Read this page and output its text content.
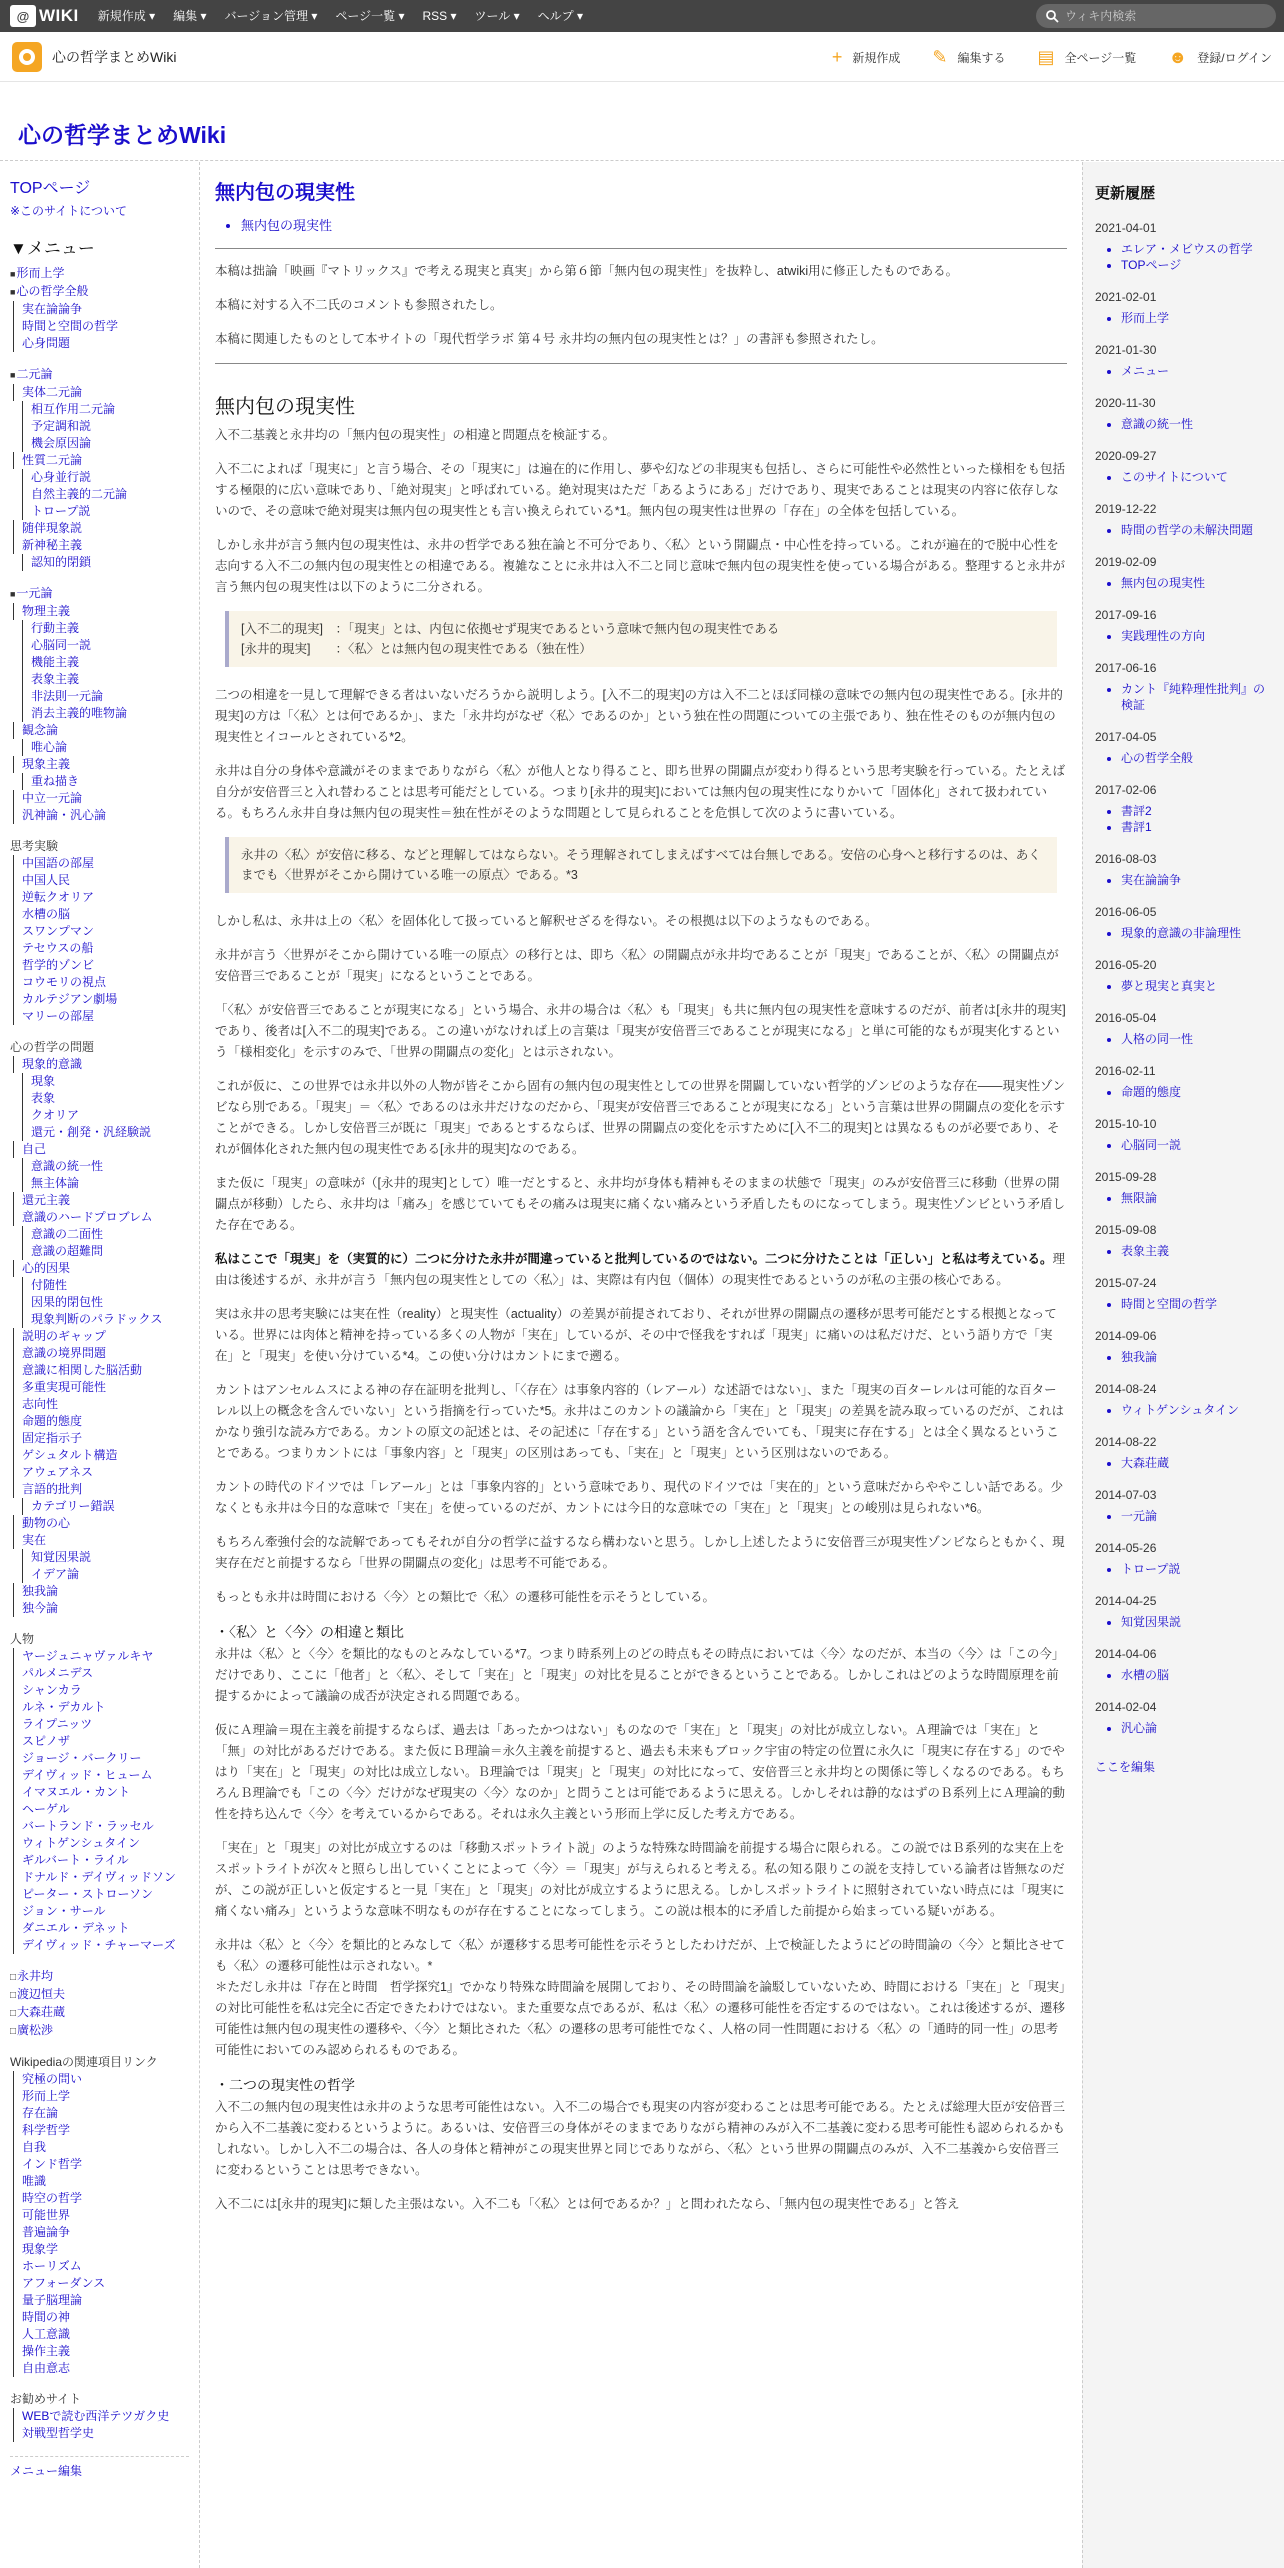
@ WIKI	新規作成 ▾	編集 ▾	バージョン管理 ▾	ページ一覧 ▾	RSS ▾	ツール ▾	ヘルプ ▾
ウィキ内検索
心の哲学まとめWiki	+ 新規作成 ✎ 編集する ▤ 全ページ一覧 ☻ 登録/ログイン
心の哲学まとめWiki
TOPページ
※このサイトについて
▼メニュー
■ 形而上学
■ 心の哲学全般
実在論論争
時間と空間の哲学
心身問題
■ 二元論
実体二元論
相互作用二元論
予定調和説
機会原因論
性質二元論
心身並行説
自然主義的二元論
トロープ説
随伴現象説
新神秘主義
認知的閉鎖
■ 一元論
物理主義
行動主義
心脳同一説
機能主義
表象主義
非法則一元論
消去主義的唯物論
観念論
唯心論
現象主義
重ね描き
中立一元論
汎神論・汎心論
思考実験
中国語の部屋
中国人民
逆転クオリア
水槽の脳
スワンプマン
テセウスの船
哲学的ゾンビ
コウモリの視点
カルテジアン劇場
マリーの部屋
心の哲学の問題
現象的意識
現象
表象
クオリア
還元・創発・汎経験説
自己
意識の統一性
無主体論
還元主義
意識のハードプロブレム
意識の二面性
意識の超難問
心的因果
付随性
因果的閉包性
現象判断のパラドックス
説明のギャップ
意識の境界問題
意識に相関した脳活動
多重実現可能性
志向性
命題的態度
固定指示子
ゲシュタルト構造
アウェアネス
言語的批判
カテゴリー錯誤
動物の心
実在
知覚因果説
イデア論
独我論
独今論
人物
ヤージュニャヴァルキヤ
パルメニデス
シャンカラ
ルネ・デカルト
ライプニッツ
スピノザ
ジョージ・バークリー
デイヴィッド・ヒューム
イマヌエル・カント
ヘーゲル
バートランド・ラッセル
ウィトゲンシュタイン
ギルバート・ライル
ドナルド・デイヴィッドソン
ピーター・ストローソン
ジョン・サール
ダニエル・デネット
デイヴィッド・チャーマーズ
□ 永井均
□ 渡辺恒夫
□ 大森荘蔵
□ 廣松渉
Wikipediaの関連項目リンク
究極の問い
形而上学
存在論
科学哲学
自我
インド哲学
唯識
時空の哲学
可能世界
普遍論争
現象学
ホーリズム
アフォーダンス
量子脳理論
時間の神
人工意識
操作主義
自由意志
お勧めサイト
WEBで読む西洋テツガク史
対戦型哲学史
メニュー編集
無内包の現実性
• 無内包の現実性

本稿は拙論「映画『マトリックス』で考える現実と真実」から第６節「無内包の現実性」を抜粋し、atwiki用に修正したものである。

本稿に対する入不二氏のコメントも参照されたし。

本稿に関連したものとして本サイトの「現代哲学ラボ 第４号 永井均の無内包の現実性とは？」の書評も参照されたし。

無内包の現実性

入不二基義と永井均の「無内包の現実性」の相違と問題点を検証する。

入不二によれば「現実に」と言う場合、その「現実に」は遍在的に作用し、夢や幻などの非現実も包括し、さらに可能性や必然性といった様相をも包括する極限的に広い意味であり、「絶対現実」と呼ばれている。絶対現実はただ「あるようにある」だけであり、現実であることは現実の内容に依存しないので、その意味で絶対現実は無内包の現実性とも言い換えられている*1。無内包の現実性は世界の「存在」の全体を包括している。

しかし永井が言う無内包の現実性は、永井の哲学である独在論と不可分であり、〈私〉という開闢点・中心性を持っている。これが遍在的で脱中心性を志向する入不二の無内包の現実性との相違である。複雑なことに永井は入不二と同じ意味で無内包の現実性を使っている場合がある。整理すると永井が言う無内包の現実性は以下のように二分される。

[入不二的現実]　：「現実」とは、内包に依拠せず現実であるという意味で無内包の現実性である
[永井的現実]　　：〈私〉とは無内包の現実性である（独在性）

二つの相違を一見して理解できる者はいないだろうから説明しよう。[入不二的現実]の方は入不二とほぼ同様の意味での無内包の現実性である。[永井的現実]の方は「〈私〉とは何であるか」、また「永井均がなぜ〈私〉であるのか」という独在性の問題についての主張であり、独在性そのものが無内包の現実性とイコールとされている*2。

永井は自分の身体や意識がそのままでありながら〈私〉が他人となり得ること、即ち世界の開闢点が変わり得るという思考実験を行っている。たとえば自分が安倍晋三と入れ替わることは思考可能だとしている。つまり[永井的現実]においては無内包の現実性になりかいて「固体化」されて扱われている。もちろん永井自身は無内包の現実性＝独在性がそのような問題として見られることを危惧して次のように書いている。

永井の〈私〉が安倍に移る、などと理解してはならない。そう理解されてしまえばすべては台無しである。安倍の心身へと移行するのは、あくまでも〈世界がそこから開けている唯一の原点〉である。*3

しかし私は、永井は上の〈私〉を固体化して扱っていると解釈せざるを得ない。その根拠は以下のようなものである。

永井が言う〈世界がそこから開けている唯一の原点〉の移行とは、即ち〈私〉の開闢点が永井均であることが「現実」であることが、〈私〉の開闢点が安倍晋三であることが「現実」になるということである。

「〈私〉が安倍晋三であることが現実になる」という場合、永井の場合は〈私〉も「現実」も共に無内包の現実性を意味するのだが、前者は[永井的現実]であり、後者は[入不二的現実]である。この違いがなければ上の言葉は「現実が安倍晋三であることが現実になる」と単に可能的なもが現実化するという「様相変化」を示すのみで、「世界の開闢点の変化」とは示されない。

これが仮に、この世界では永井以外の人物が皆そこから固有の無内包の現実性としての世界を開闢していない哲学的ゾンビのような存在――現実性ゾンビなら別である。「現実」＝〈私〉であるのは永井だけなのだから、「現実が安倍晋三であることが現実になる」という言葉は世界の開闢点の変化を示すことができる。しかし安倍晋三が既に「現実」であるとするならば、世界の開闢点の変化を示すために[入不二的現実]とは異なるものが必要であり、それが個体化された無内包の現実性である[永井的現実]なのである。

また仮に「現実」の意味が（[永井的現実]として）唯一だとすると、永井均が身体も精神もそのままの状態で「現実」のみが安倍晋三に移動（世界の開闢点が移動）したら、永井均は「痛み」を感じていてもその痛みは現実に痛くない痛みという矛盾したものになってしまう。現実性ゾンビという矛盾した存在である。

私はここで「現実」を（実質的に）二つに分けた永井が間違っていると批判しているのではない。二つに分けたことは「正しい」と私は考えている。理由は後述するが、永井が言う「無内包の現実性としての〈私〉」は、実際は有内包（個体）の現実性であるというのが私の主張の核心である。

実は永井の思考実験には実在性（reality）と現実性（actuality）の差異が前提されており、それが世界の開闢点の遷移が思考可能だとする根拠となっている。世界には肉体と精神を持っている多くの人物が「実在」しているが、その中で怪我をすれば「現実」に痛いのは私だけだ、という語り方で「実在」と「現実」を使い分けている*4。この使い分けはカントにまで遡る。

カントはアンセルムスによる神の存在証明を批判し、「〈存在〉は事象内容的（レアール）な述語ではない」、また「現実の百ターレルは可能的な百ターレル以上の概念を含んでいない」という指摘を行っていた*5。永井はこのカントの議論から「実在」と「現実」の差異を読み取っているのだが、これはかなり強引な読み方である。カントの原文の記述とは、その記述に「存在する」という語を含んでいても、「現実に存在する」とは全く異なるということである。つまりカントには「事象内容」と「現実」の区別はあっても、「実在」と「現実」という区別はないのである。

カントの時代のドイツでは「レアール」とは「事象内容的」という意味であり、現代のドイツでは「実在的」という意味だからややこしい話である。少なくとも永井は今日的な意味で「実在」を使っているのだが、カントには今日的な意味での「実在」と「現実」との峻別は見られない*6。

もちろん牽強付会的な読解であってもそれが自分の哲学に益するなら構わないと思う。しかし上述したように安倍晋三が現実性ゾンビならともかく、現実存在だと前提するなら「世界の開闢点の変化」は思考不可能である。

もっとも永井は時間における〈今〉との類比で〈私〉の遷移可能性を示そうとしている。

・〈私〉と〈今〉の相違と類比

永井は〈私〉と〈今〉を類比的なものとみなしている*7。つまり時系列上のどの時点もその時点においては〈今〉なのだが、本当の〈今〉は「この今」だけであり、ここに「他者」と〈私〉、そして「実在」と「現実」の対比を見ることができるということである。しかしこれはどのような時間原理を前提するかによって議論の成否が決定される問題である。

仮にＡ理論＝現在主義を前提するならば、過去は「あったかつはない」ものなので「実在」と「現実」の対比が成立しない。Ａ理論では「実在」と「無」の対比があるだけである。また仮にＢ理論＝永久主義を前提すると、過去も未来もブロック宇宙の特定の位置に永久に「現実に存在する」のでやはり「実在」と「現実」の対比は成立しない。Ｂ理論では「現実」と「現実」の対比になって、安倍晋三と永井均との関係に等しくなるのである。もちろんＢ理論でも「この〈今〉だけがなぜ現実の〈今〉なのか」と問うことは可能であるように思える。しかしそれは静的なはずのＢ系列上にＡ理論的動性を持ち込んで〈今〉を考えているからである。それは永久主義という形而上学に反した考え方である。

「実在」と「現実」の対比が成立するのは「移動スポットライト説」のような特殊な時間論を前提する場合に限られる。この説ではＢ系列的な実在上をスポットライトが次々と照らし出していくことによって〈今〉＝「現実」が与えられると考える。私の知る限りこの説を支持している論者は皆無なのだが、この説が正しいと仮定すると一見「実在」と「現実」の対比が成立するように思える。しかしスポットライトに照射されていない時点には「現実に痛くない痛み」というような意味不明なものが存在することになってしまう。この説は根本的に矛盾した前提から始まっている疑いがある。

永井は〈私〉と〈今〉を類比的とみなして〈私〉が遷移する思考可能性を示そうとしたわけだが、上で検証したようにどの時間論の〈今〉と類比させても〈私〉の遷移可能性は示されない。*
＊ただし永井は『存在と時間　哲学探究1』でかなり特殊な時間論を展開しており、その時間論を論駁していないため、時間における「実在」と「現実」の対比可能性を私は完全に否定できたわけではない。また重要な点であるが、私は〈私〉の遷移可能性を否定するのではない。これは後述するが、遷移可能性は無内包の現実性の遷移や、〈今〉と類比された〈私〉の遷移の思考可能性でなく、人格の同一性問題における〈私〉の「通時的同一性」の思考可能性においてのみ認められるものである。

・二つの現実性の哲学

入不二の無内包の現実性は永井のような思考可能性はない。入不二の場合でも現実の内容が変わることは思考可能である。たとえば総理大臣が安倍晋三から入不二基義に変わるというように。あるいは、安倍晋三の身体がそのままでありながら精神のみが入不二基義に変わる思考可能性も認められるかもしれない。しかし入不二の場合は、各人の身体と精神がこの現実世界と同じでありながら、〈私〉という世界の開闢点のみが、入不二基義から安倍晋三に変わるということは思考できない。

入不二には[永井的現実]に類した主張はない。入不二も「〈私〉とは何であるか？」と問われたなら、「無内包の現実性である」と答え

更新履歴
2021-04-01
• エレア・メビウスの哲学
• TOPページ
2021-02-01
• 形而上学
2021-01-30
• メニュー
2020-11-30
• 意識の統一性
2020-09-27
• このサイトについて
2019-12-22
• 時間の哲学の未解決問題
2019-02-09
• 無内包の現実性
2017-09-16
• 実践理性の方向
2017-06-16
• カント『純粋理性批判』の検証
2017-04-05
• 心の哲学全般
2017-02-06
• 書評2
• 書評1
2016-08-03
• 実在論論争
2016-06-05
• 現象的意識の非論理性
2016-05-20
• 夢と現実と真実と
2016-05-04
• 人格の同一性
2016-02-11
• 命題的態度
2015-10-10
• 心脳同一説
2015-09-28
• 無限論
2015-09-08
• 表象主義
2015-07-24
• 時間と空間の哲学
2014-09-06
• 独我論
2014-08-24
• ウィトゲンシュタイン
2014-08-22
• 大森荘蔵
2014-07-03
• 一元論
2014-05-26
• トロープ説
2014-04-25
• 知覚因果説
2014-04-06
• 水槽の脳
2014-02-04
• 汎心論
ここを編集
